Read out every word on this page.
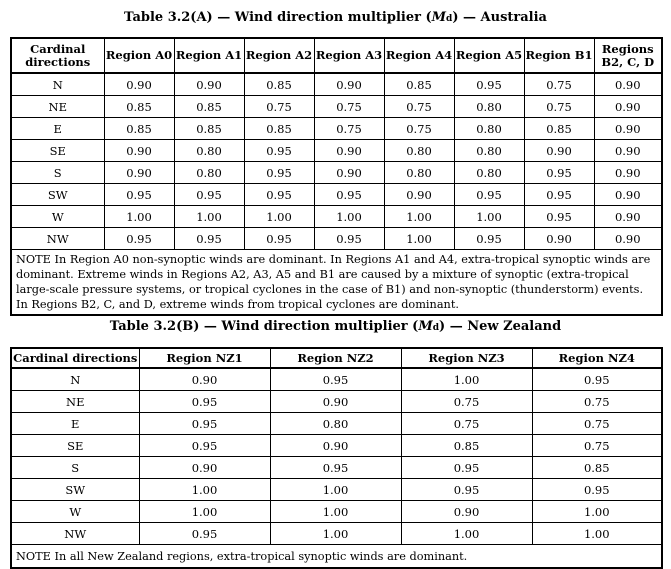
Table 3.2(A) — Wind direction multiplier (Md) — Australia
Cardinal
directions	Region A0	Region A1	Region A2	Region A3	Region A4	Region A5	Region B1	Regions
B2, C, D
N	0.90	0.90	0.85	0.90	0.85	0.95	0.75	0.90
NE	0.85	0.85	0.75	0.75	0.75	0.80	0.75	0.90
E	0.85	0.85	0.85	0.75	0.75	0.80	0.85	0.90
SE	0.90	0.80	0.95	0.90	0.80	0.80	0.90	0.90
S	0.90	0.80	0.95	0.90	0.80	0.80	0.95	0.90
SW	0.95	0.95	0.95	0.95	0.90	0.95	0.95	0.90
W	1.00	1.00	1.00	1.00	1.00	1.00	0.95	0.90
NW	0.95	0.95	0.95	0.95	1.00	0.95	0.90	0.90
NOTE In Region A0 non-synoptic winds are dominant. In Regions A1 and A4, extra-tropical synoptic winds are dominant. Extreme winds in Regions A2, A3, A5 and B1 are caused by a mixture of synoptic (extra-tropical large-scale pressure systems, or tropical cyclones in the case of B1) and non-synoptic (thunderstorm) events. In Regions B2, C, and D, extreme winds from tropical cyclones are dominant.								
Table 3.2(B) — Wind direction multiplier (Md) — New Zealand
Cardinal directions	Region NZ1	Region NZ2	Region NZ3	Region NZ4
N	0.90	0.95	1.00	0.95
NE	0.95	0.90	0.75	0.75
E	0.95	0.80	0.75	0.75
SE	0.95	0.90	0.85	0.75
S	0.90	0.95	0.95	0.85
SW	1.00	1.00	0.95	0.95
W	1.00	1.00	0.90	1.00
NW	0.95	1.00	1.00	1.00
NOTE In all New Zealand regions, extra-tropical synoptic winds are dominant.				
